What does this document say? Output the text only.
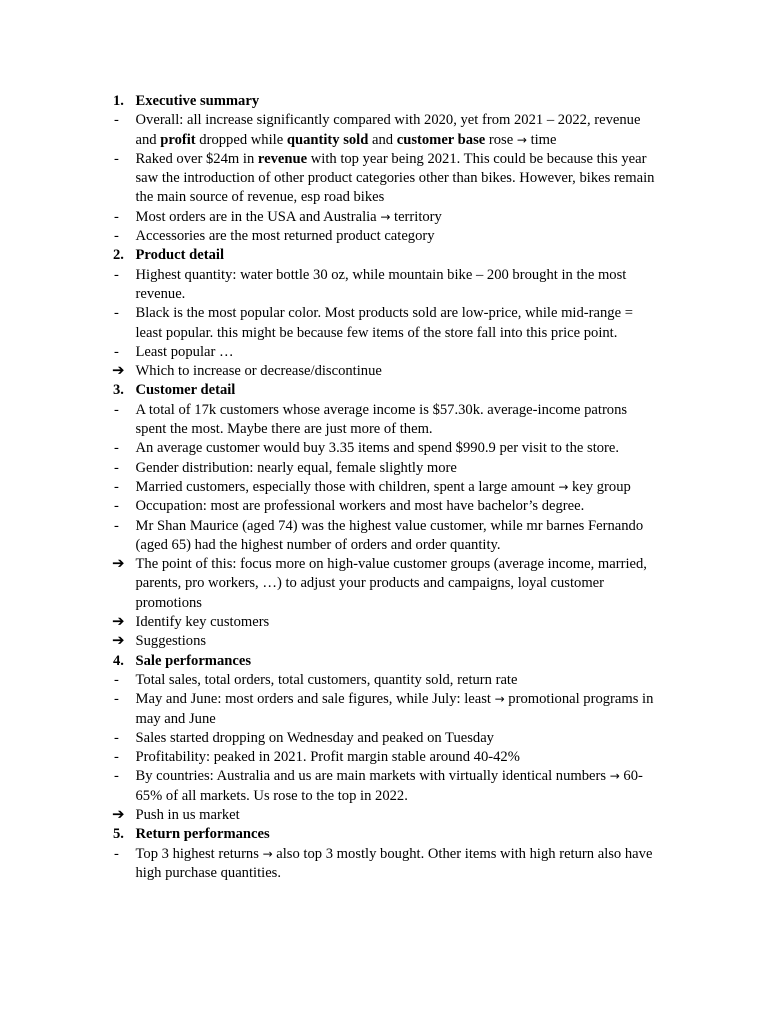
1. Executive summary
- Overall: all increase significantly compared with 2020, yet from 2021 – 2022, revenue
and profit dropped while quantity sold and customer base rose → time
- Raked over $24m in revenue with top year being 2021. This could be because this year
saw the introduction of other product categories other than bikes. However, bikes remain
the main source of revenue, esp road bikes
- Most orders are in the USA and Australia → territory
- Accessories are the most returned product category
2. Product detail
- Highest quantity: water bottle 30 oz, while mountain bike – 200 brought in the most
revenue.
- Black is the most popular color. Most products sold are low-price, while mid-range =
least popular. this might be because few items of the store fall into this price point.
- Least popular …
➔ Which to increase or decrease/discontinue
3. Customer detail
- A total of 17k customers whose average income is $57.30k. average-income patrons
spent the most. Maybe there are just more of them.
- An average customer would buy 3.35 items and spend $990.9 per visit to the store.
- Gender distribution: nearly equal, female slightly more
- Married customers, especially those with children, spent a large amount → key group
- Occupation: most are professional workers and most have bachelor’s degree.
- Mr Shan Maurice (aged 74) was the highest value customer, while mr barnes Fernando
(aged 65) had the highest number of orders and order quantity.
➔ The point of this: focus more on high-value customer groups (average income, married,
parents, pro workers, …) to adjust your products and campaigns, loyal customer
promotions
➔ Identify key customers
➔ Suggestions
4. Sale performances
- Total sales, total orders, total customers, quantity sold, return rate
- May and June: most orders and sale figures, while July: least → promotional programs in
may and June
- Sales started dropping on Wednesday and peaked on Tuesday
- Profitability: peaked in 2021. Profit margin stable around 40-42%
- By countries: Australia and us are main markets with virtually identical numbers → 60-
65% of all markets. Us rose to the top in 2022.
➔ Push in us market
5. Return performances
- Top 3 highest returns → also top 3 mostly bought. Other items with high return also have
high purchase quantities.
